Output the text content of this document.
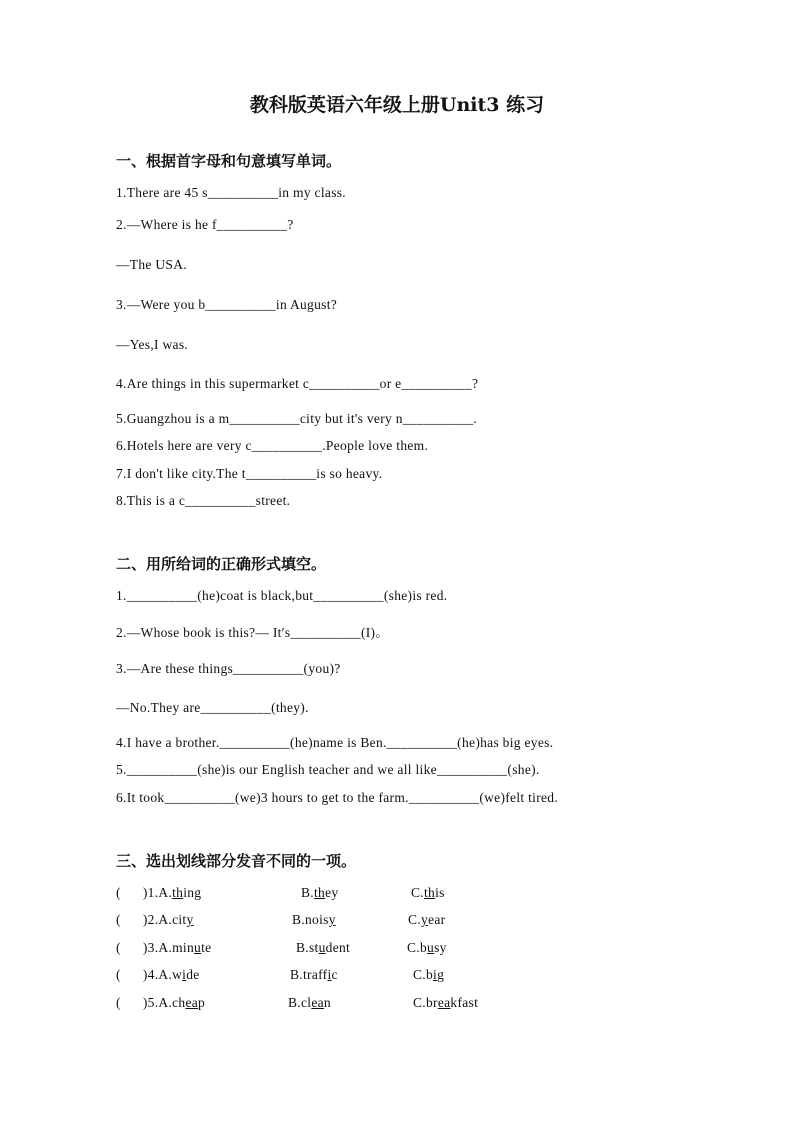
教科版英语六年级上册Unit3 练习
一、根据首字母和句意填写单词。
1.There are 45 s__________in my class.
2.—Where is he f__________?
—The USA.
3.—Were you b__________in August?
—Yes,I was.
4.Are things in this supermarket c__________or e__________?
5.Guangzhou is a m__________city but it's very n__________.
6.Hotels here are very c__________.People love them.
7.I don't like city.The t__________is so heavy.
8.This is a c__________street.
二、用所给词的正确形式填空。
1.__________(he)coat is black,but__________(she)is red.
2.—Whose book is this?— It′s__________(I)。
3.—Are these things__________(you)?
—No.They are__________(they).
4.I have a brother.__________(he)name is Ben.__________(he)has big eyes.
5.__________(she)is our English teacher and we all like__________(she).
6.It took__________(we)3 hours to get to the farm.__________(we)felt tired.
三、选出划线部分发音不同的一项。
(      )1.A.thing	B.they	C.this
(      )2.A.city	B.noisy	C.year
(      )3.A.minute	B.student	C.busy
(      )4.A.wide	B.traffic	C.big
(      )5.A.cheap	B.clean	C.breakfast
